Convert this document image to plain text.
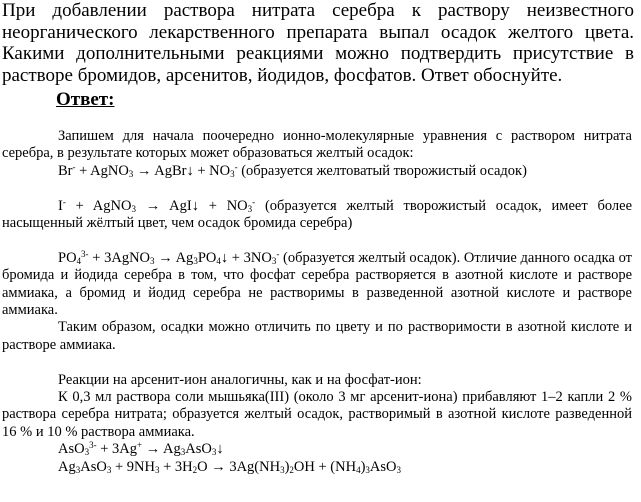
При добавлении раствора нитрата серебра к раствору неизвестного неорганического лекарственного препарата выпал осадок желтого цвета. Какими дополнительными реакциями можно подтвердить присутствие в растворе бромидов, арсенитов, йодидов, фосфатов. Ответ обоснуйте.

Ответ:

Запишем для начала поочередно ионно-молекулярные уравнения с раствором нитрата серебра, в результате которых может образоваться желтый осадок:

Br- + AgNO$_3$ → AgBr↓ + $NO_3^-$ (образуется желтоватый творожистый осадок)

I- + AgNO$_3$ → AgI↓ + $NO_3^-$ (образуется желтый творожистый осадок, имеет более насыщенный жёлтый цвет, чем осадок бромида серебра)

$PO_4^{3-}$ + 3AgNO$_3$ → $Ag_3PO_4↓ + 3NO_3^-$ (образуется желтый осадок). Отличие данного осадка от бромида и йодида серебра в том, что фосфат серебра растворяется в азотной кислоте и растворе аммиака, а бромид и йодид серебра не растворимы в разведенной азотной кислоте и растворе аммиака.

Таким образом, осадки можно отличить по цвету и по растворимости в азотной кислоте и растворе аммиака.

Реакции на арсенит-ион аналогичны, как и на фосфат-ион:

К 0,3 мл раствора соли мышьяка(III) (около 3 мг арсенит-иона) прибавляют 1–2 капли 2 % раствора серебра нитрата; образуется желтый осадок, растворимый в азотной кислоте разведенной 16 % и 10 % раствора аммиака.

$AsO_3^{3-} + 3Ag^+ \to Ag_3AsO_3↓$

$Ag_3AsO_3 + 9NH_3 + 3H_2O \to 3Ag(NH_3)_2OH + (NH_4)_3AsO_3$
